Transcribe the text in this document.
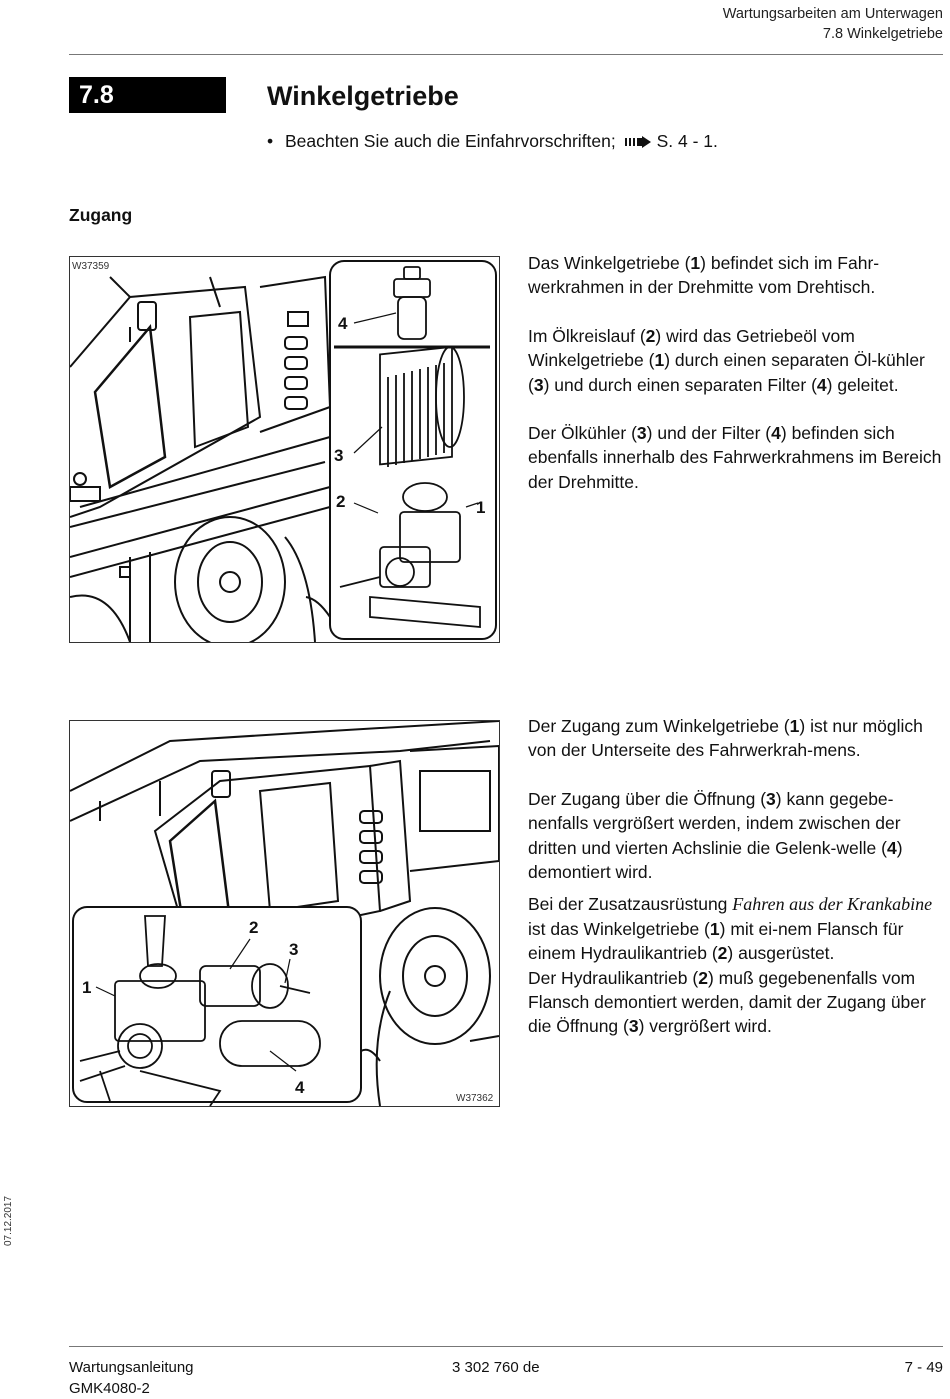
Wartungsarbeiten am Unterwagen
7.8 Winkelgetriebe
7.8	Winkelgetriebe
• Beachten Sie auch die Einfahrvorschriften; S. 4 - 1.
Zugang
W37359
4
3
2	1

Das Winkelgetriebe (1) befindet sich im Fahr-werkrahmen in der Drehmitte vom Drehtisch.

Im Ölkreislauf (2) wird das Getriebeöl vom Winkelgetriebe (1) durch einen separaten Öl-kühler (3) und durch einen separaten Filter (4) geleitet.

Der Ölkühler (3) und der Filter (4) befinden sich ebenfalls innerhalb des Fahrwerkrahmens im Bereich der Drehmitte.

2
3
1
4
W37362

Der Zugang zum Winkelgetriebe (1) ist nur möglich von der Unterseite des Fahrwerkrah-mens.

Der Zugang über die Öffnung (3) kann gegebe-nenfalls vergrößert werden, indem zwischen der dritten und vierten Achslinie die Gelenk-welle (4) demontiert wird.

Bei der Zusatzausrüstung Fahren aus der Krankabine ist das Winkelgetriebe (1) mit ei-nem Flansch für einem Hydraulikantrieb (2) ausgerüstet.

Der Hydraulikantrieb (2) muß gegebenenfalls vom Flansch demontiert werden, damit der Zugang über die Öffnung (3) vergrößert wird.

07.12.2017
Wartungsanleitung
GMK4080-2
3 302 760 de	7 - 49
